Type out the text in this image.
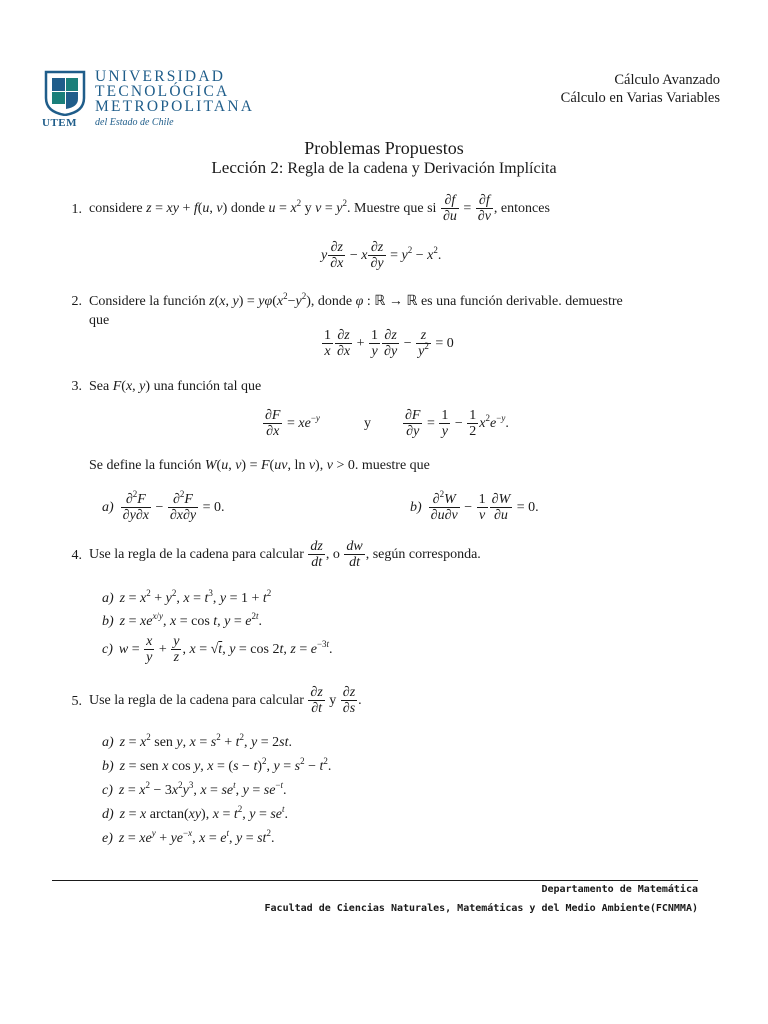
UNIVERSIDAD
TECNOLÓGICA
METROPOLITANA
UTEM del Estado de Chile
Cálculo Avanzado
Cálculo en Varias Variables
Problemas Propuestos
Lección 2: Regla de la cadena y Derivación Implícita
1. considere z = xy + f(u, v) donde $u = x^2$ y $v = y^2$. Muestre que si $\frac{\partial f}{\partial u} = \frac{\partial f}{\partial v}$ , entonces
y $\frac{\partial z}{\partial x} - x \frac{\partial z}{\partial y} = y^2 - x^2$.
2. Considere la función z(x, $y) = y\varphi(x^2-y^2)$, donde φ : ℝ → ℝ es una función derivable. demuestre
que
$\frac{1}{x} \frac{\partial z}{\partial x} + \frac{1}{y} \frac{\partial z}{\partial y} - \frac{z}{y^2} = 0$
3. Sea F(x, y) una función tal que
$\frac{\partial F}{\partial x} = xe^{-y}$	y $\frac{\partial F}{\partial y} = \frac{1}{y} - \frac{1}{2} x^2e^{-y}$.
Se define la función W(u, v) = F(uv, ln v), v > 0. muestre que
$a) \frac{\partial^2F}{\partial y\partial x} - \frac{\partial^2F}{\partial x\partial y} = 0$.	$b) \frac{\partial^2W}{\partial u\partial v} - \frac{1}{v} \frac{\partial W}{\partial u} = 0$.
4. Use la regla de la cadena para calcular $\frac{dz}{dt}$ , o $\frac{dw}{dt}$ , según corresponda.
a) $z = x^2 + y^2$, $x = t^3$, $y = 1 + t^2$
b) $z = xe^{x/y}$, x = cos t, $y = e^{2t}$.
c) $w = \frac{x}{y} + \frac{y}{z}$ , x = √t, y = cos 2t, $z = e^{-3t}$.
5. Use la regla de la cadena para calcular $\frac{\partial z}{\partial t}$ y $\frac{\partial z}{\partial s}$ .
a) $z = x^2$ sen y, $x = s^2 + t^2$, y = 2st.
b) z = sen x cos y, $x = (s - t)^2$, $y = s^2 - t^2$.
c) $z = x^2 - 3x^2y^3$, $x = se^t$, $y = se^{-t}$.
d) z = x arctan(xy), $x = t^2$, $y = se^t$.
e) $z = xe^y + ye^{-x}$, $x = e^t$, $y = st^2$.
Departamento de Matemática
Facultad de Ciencias Naturales, Matemáticas y del Medio Ambiente(FCNMMA)
